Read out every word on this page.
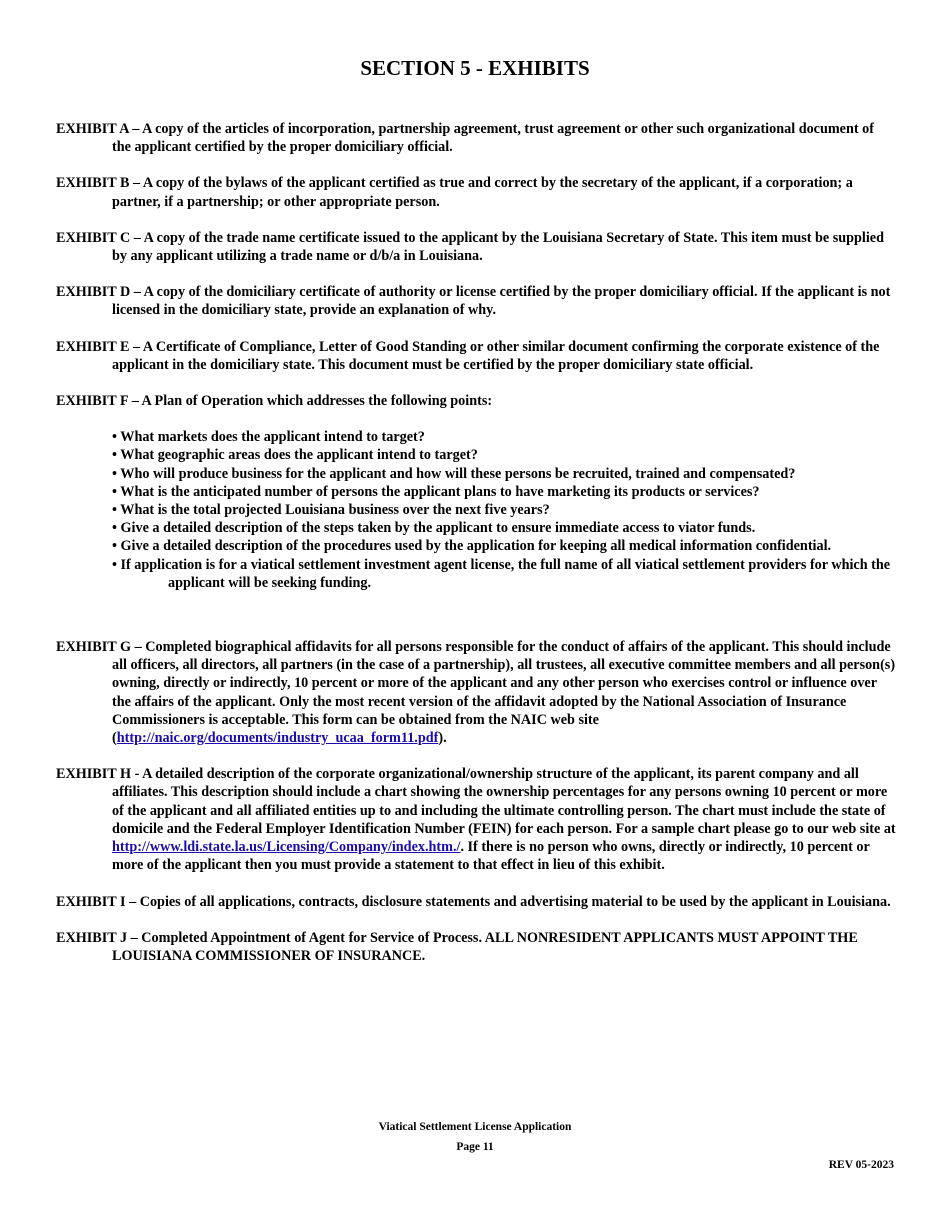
SECTION 5 - EXHIBITS

EXHIBIT A – A copy of the articles of incorporation, partnership agreement, trust agreement or other such organizational document of the applicant certified by the proper domiciliary official.

EXHIBIT B – A copy of the bylaws of the applicant certified as true and correct by the secretary of the applicant, if a corporation; a partner, if a partnership; or other appropriate person.

EXHIBIT C – A copy of the trade name certificate issued to the applicant by the Louisiana Secretary of State. This item must be supplied by any applicant utilizing a trade name or d/b/a in Louisiana.

EXHIBIT D – A copy of the domiciliary certificate of authority or license certified by the proper domiciliary official. If the applicant is not licensed in the domiciliary state, provide an explanation of why.

EXHIBIT E – A Certificate of Compliance, Letter of Good Standing or other similar document confirming the corporate existence of the applicant in the domiciliary state. This document must be certified by the proper domiciliary state official.

EXHIBIT F – A Plan of Operation which addresses the following points:

• What markets does the applicant intend to target?
• What geographic areas does the applicant intend to target?
• Who will produce business for the applicant and how will these persons be recruited, trained and compensated?
• What is the anticipated number of persons the applicant plans to have marketing its products or services?
• What is the total projected Louisiana business over the next five years?
• Give a detailed description of the steps taken by the applicant to ensure immediate access to viator funds.
• Give a detailed description of the procedures used by the application for keeping all medical information confidential.
• If application is for a viatical settlement investment agent license, the full name of all viatical settlement providers for which the applicant will be seeking funding.

EXHIBIT G – Completed biographical affidavits for all persons responsible for the conduct of affairs of the applicant. This should include all officers, all directors, all partners (in the case of a partnership), all trustees, all executive committee members and all person(s) owning, directly or indirectly, 10 percent or more of the applicant and any other person who exercises control or influence over the affairs of the applicant. Only the most recent version of the affidavit adopted by the National Association of Insurance Commissioners is acceptable. This form can be obtained from the NAIC web site (http://naic.org/documents/industry_ucaa_form11.pdf).

EXHIBIT H - A detailed description of the corporate organizational/ownership structure of the applicant, its parent company and all affiliates. This description should include a chart showing the ownership percentages for any persons owning 10 percent or more of the applicant and all affiliated entities up to and including the ultimate controlling person. The chart must include the state of domicile and the Federal Employer Identification Number (FEIN) for each person. For a sample chart please go to our web site at http://www.ldi.state.la.us/Licensing/Company/index.htm./. If there is no person who owns, directly or indirectly, 10 percent or more of the applicant then you must provide a statement to that effect in lieu of this exhibit.

EXHIBIT I – Copies of all applications, contracts, disclosure statements and advertising material to be used by the applicant in Louisiana.

EXHIBIT J – Completed Appointment of Agent for Service of Process. ALL NONRESIDENT APPLICANTS MUST APPOINT THE LOUISIANA COMMISSIONER OF INSURANCE.

Viatical Settlement License Application
Page 11
REV 05-2023
